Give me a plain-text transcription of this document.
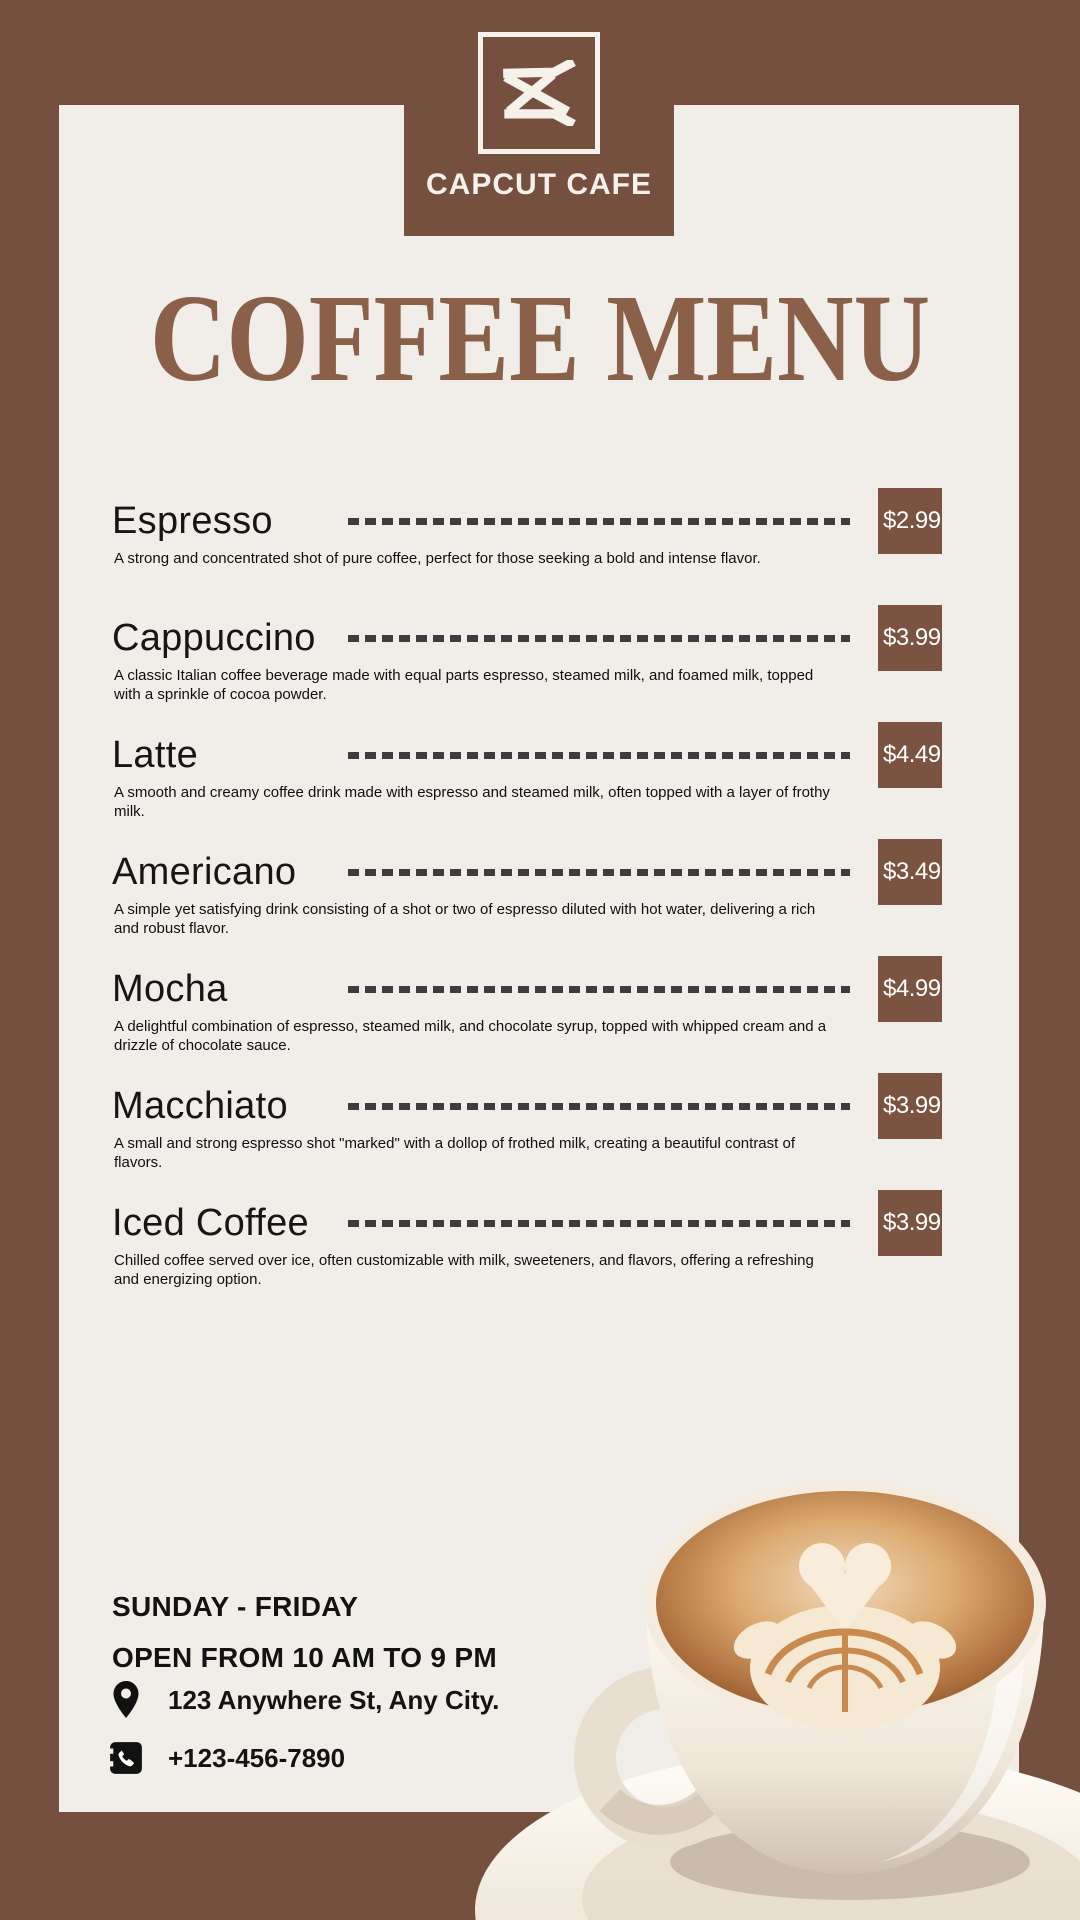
CAPCUT CAFE
COFFEE MENU
Espresso	$2.99

A strong and concentrated shot of pure coffee, perfect for those seeking a bold and intense flavor.

Cappuccino	$3.99

A classic Italian coffee beverage made with equal parts espresso, steamed milk, and foamed milk, topped with a sprinkle of cocoa powder.

Latte	$4.49

A smooth and creamy coffee drink made with espresso and steamed milk, often topped with a layer of frothy milk.

Americano	$3.49

A simple yet satisfying drink consisting of a shot or two of espresso diluted with hot water, delivering a rich and robust flavor.

Mocha	$4.99

A delightful combination of espresso, steamed milk, and chocolate syrup, topped with whipped cream and a drizzle of chocolate sauce.

Macchiato	$3.99

A small and strong espresso shot "marked" with a dollop of frothed milk, creating a beautiful contrast of flavors.

Iced Coffee	$3.99

Chilled coffee served over ice, often customizable with milk, sweeteners, and flavors, offering a refreshing and energizing option.

SUNDAY - FRIDAY
OPEN FROM 10 AM TO 9 PM
123 Anywhere St, Any City.
+123-456-7890
